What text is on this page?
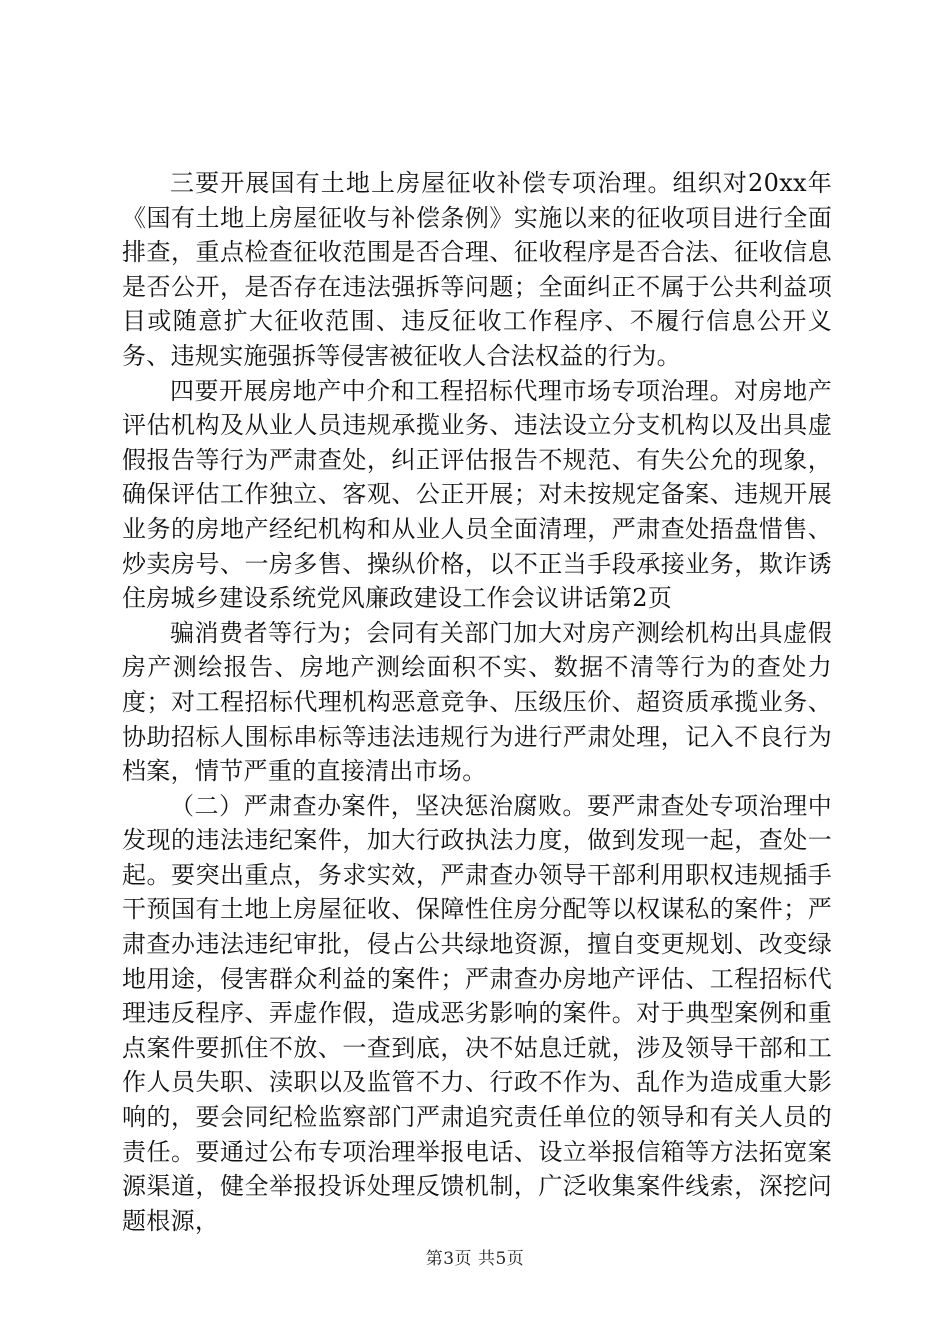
三要开展国有土地上房屋征收补偿专项治理。组织对20xx年《国有土地上房屋征收与补偿条例》实施以来的征收项目进行全面排查，重点检查征收范围是否合理、征收程序是否合法、征收信息是否公开，是否存在违法强拆等问题；全面纠正不属于公共利益项目或随意扩大征收范围、违反征收工作程序、不履行信息公开义务、违规实施强拆等侵害被征收人合法权益的行为。

四要开展房地产中介和工程招标代理市场专项治理。对房地产评估机构及从业人员违规承揽业务、违法设立分支机构以及出具虚假报告等行为严肃查处，纠正评估报告不规范、有失公允的现象，确保评估工作独立、客观、公正开展；对未按规定备案、违规开展业务的房地产经纪机构和从业人员全面清理，严肃查处捂盘惜售、炒卖房号、一房多售、操纵价格，以不正当手段承接业务，欺诈诱住房城乡建设系统党风廉政建设工作会议讲话第2页

骗消费者等行为；会同有关部门加大对房产测绘机构出具虚假房产测绘报告、房地产测绘面积不实、数据不清等行为的查处力度；对工程招标代理机构恶意竞争、压级压价、超资质承揽业务、协助招标人围标串标等违法违规行为进行严肃处理，记入不良行为档案，情节严重的直接清出市场。

（二）严肃查办案件，坚决惩治腐败。要严肃查处专项治理中发现的违法违纪案件，加大行政执法力度，做到发现一起，查处一起。要突出重点，务求实效，严肃查办领导干部利用职权违规插手干预国有土地上房屋征收、保障性住房分配等以权谋私的案件；严肃查办违法违纪审批，侵占公共绿地资源，擅自变更规划、改变绿地用途，侵害群众利益的案件；严肃查办房地产评估、工程招标代理违反程序、弄虚作假，造成恶劣影响的案件。对于典型案例和重点案件要抓住不放、一查到底，决不姑息迁就，涉及领导干部和工作人员失职、渎职以及监管不力、行政不作为、乱作为造成重大影响的，要会同纪检监察部门严肃追究责任单位的领导和有关人员的责任。要通过公布专项治理举报电话、设立举报信箱等方法拓宽案源渠道，健全举报投诉处理反馈机制，广泛收集案件线索，深挖问题根源，

第3页 共5页
